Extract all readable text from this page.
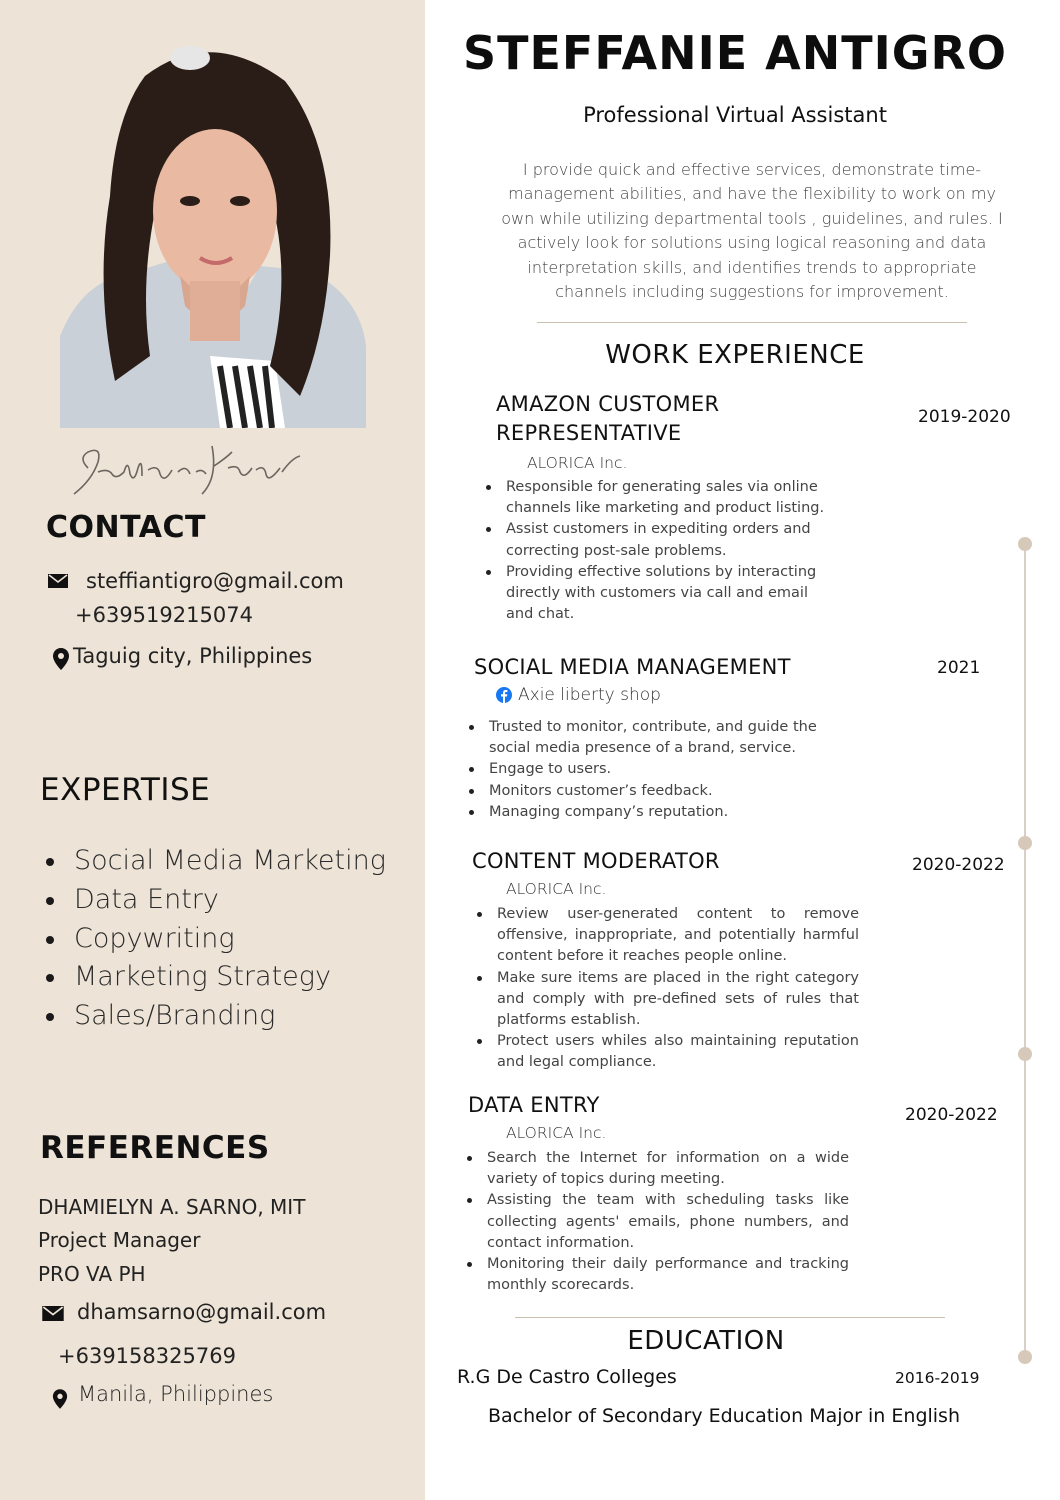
CONTACT
steffiantigro@gmail.com
+639519215074
Taguig city, Philippines
EXPERTISE
Social Media Marketing
Data Entry
Copywriting
Marketing Strategy
Sales/Branding
REFERENCES
DHAMIELYN A. SARNO, MIT
Project Manager
PRO VA PH
dhamsarno@gmail.com
+639158325769
Manila, Philippines
STEFFANIE ANTIGRO
Professional Virtual Assistant
I provide quick and effective services, demonstrate time-management abilities, and have the flexibility to work on my own while utilizing departmental tools , guidelines, and rules. I actively look for solutions using logical reasoning and data interpretation skills, and identifies trends to appropriate channels including suggestions for improvement.
WORK EXPERIENCE
AMAZON CUSTOMER REPRESENTATIVE
2019-2020
ALORICA Inc.
Responsible for generating sales via online channels like marketing and product listing.
Assist customers in expediting orders and correcting post-sale problems.
Providing effective solutions by interacting directly with customers via call and email and chat.
SOCIAL MEDIA MANAGEMENT	2021
Axie liberty shop
Trusted to monitor, contribute, and guide the social media presence of a brand, service.
Engage to users.
Monitors customer’s feedback.
Managing company’s reputation.
CONTENT MODERATOR	2020-2022
ALORICA Inc.
Review user-generated content to remove offensive, inappropriate, and potentially harmful content before it reaches people online.
Make sure items are placed in the right category and comply with pre-defined sets of rules that platforms establish.
Protect users whiles also maintaining reputation and legal compliance.
DATA ENTRY	2020-2022
ALORICA Inc.
Search the Internet for information on a wide variety of topics during meeting.
Assisting the team with scheduling tasks like collecting agents' emails, phone numbers, and contact information.
Monitoring their daily performance and tracking monthly scorecards.
EDUCATION
R.G De Castro Colleges	2016-2019
Bachelor of Secondary Education Major in English
